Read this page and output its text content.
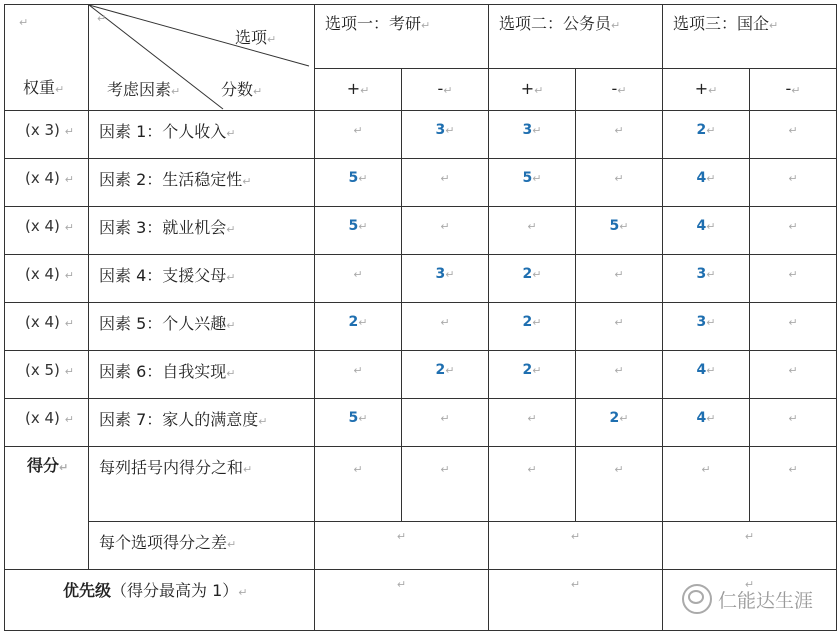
↵
权重↵	↵
选项↵
考虑因素↵ 分数↵	选项一：考研↵		选项二：公务员↵		选项三：国企↵	

		+↵	-↵	+↵	-↵	+↵	-↵

(x 3) ↵	因素 1：个人收入↵	↵	3↵	3↵	↵	2↵	↵

(x 4) ↵	因素 2：生活稳定性↵	5↵	↵	5↵	↵	4↵	↵

(x 4) ↵	因素 3：就业机会↵	5↵	↵	↵	5↵	4↵	↵

(x 4) ↵	因素 4：支援父母↵	↵	3↵	2↵	↵	3↵	↵

(x 4) ↵	因素 5：个人兴趣↵	2↵	↵	2↵	↵	3↵	↵

(x 5) ↵	因素 6：自我实现↵	↵	2↵	2↵	↵	4↵	↵

(x 4) ↵	因素 7：家人的满意度↵	5↵	↵	↵	2↵	4↵	↵

得分↵	每列括号内得分之和↵	↵	↵	↵	↵	↵	↵

	每个选项得分之差↵	↵		↵		↵	

优先级（得分最高为 1）↵		↵		↵		↵	
仁能达生涯
